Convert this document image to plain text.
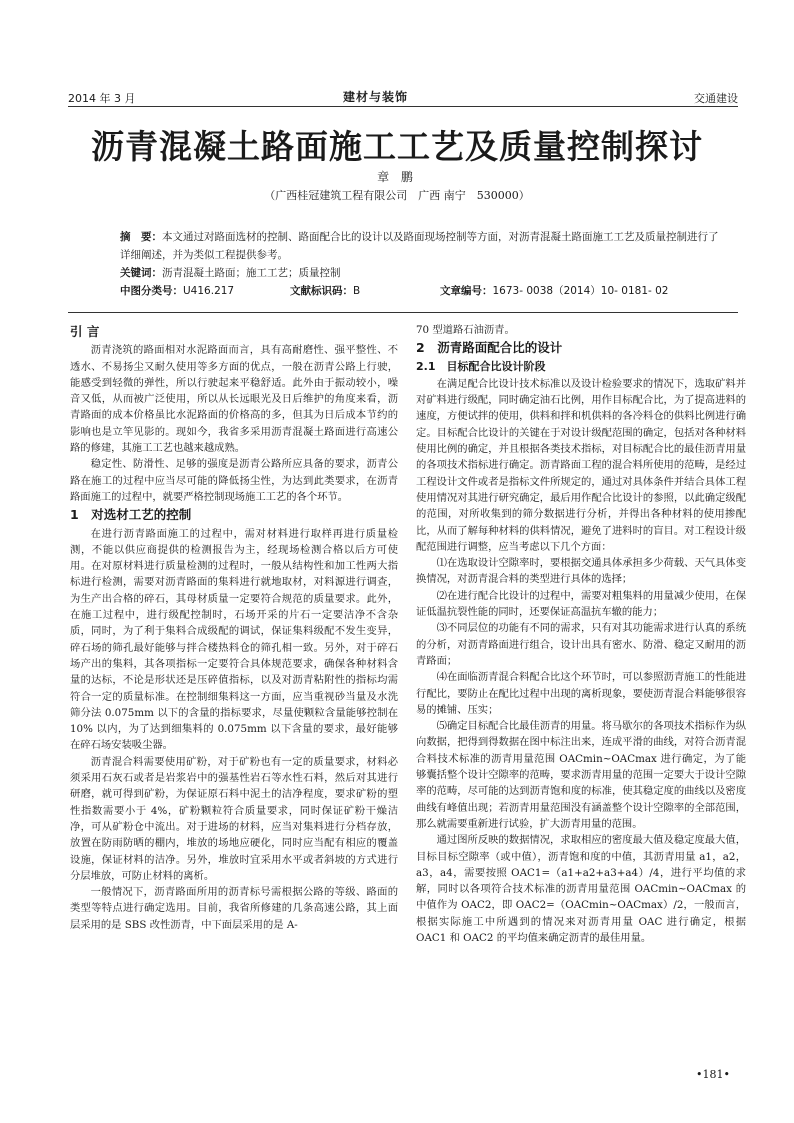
2014 年 3 月	建材与装饰	交通建设
沥青混凝土路面施工工艺及质量控制探讨
章 鹏
（广西桂冠建筑工程有限公司　广西 南宁　530000）
摘　要：本文通过对路面选材的控制、路面配合比的设计以及路面现场控制等方面，对沥青混凝土路面施工工艺及质量控制进行了详细阐述，并为类似工程提供参考。
关键词：沥青混凝土路面；施工工艺；质量控制
中图分类号：U416.217	文献标识码：B	文章编号：1673- 0038（2014）10- 0181- 02
引 言

沥青浇筑的路面相对水泥路面而言，具有高耐磨性、强平整性、不透水、不易扬尘又耐久使用等多方面的优点，一般在沥青公路上行驶，能感受到轻微的弹性，所以行驶起来平稳舒适。此外由于振动较小，噪音又低，从而被广泛使用，所以从长远眼光及日后维护的角度来看，沥青路面的成本价格虽比水泥路面的价格高的多，但其为日后成本节约的影响也是立竿见影的。现如今，我省多采用沥青混凝土路面进行高速公路的修建，其施工工艺也越来越成熟。

稳定性、防滑性、足够的强度是沥青公路所应具备的要求，沥青公路在施工的过程中应当尽可能的降低扬尘性，为达到此类要求，在沥青路面施工的过程中，就要严格控制现场施工工艺的各个环节。

1　对选材工艺的控制

在进行沥青路面施工的过程中，需对材料进行取样再进行质量检测，不能以供应商提供的检测报告为主，经现场检测合格以后方可使用。在对原材料进行质量检测的过程时，一般从结构性和加工性两大指标进行检测，需要对沥青路面的集料进行就地取材，对料源进行调查，为生产出合格的碎石，其母材质量一定要符合规范的质量要求。此外，在施工过程中，进行级配控制时，石场开采的片石一定要洁净不含杂质，同时，为了利于集料合成级配的调试，保证集料级配不发生变异，碎石场的筛孔最好能够与拌合楼热料仓的筛孔相一致。另外，对于碎石场产出的集料，其各项指标一定要符合具体规范要求，确保各种材料含量的达标，不论是形状还是压碎值指标，以及对沥青粘附性的指标均需符合一定的质量标准。在控制细集料这一方面，应当重视砂当量及水洗筛分法 0.075mm 以下的含量的指标要求，尽量使颗粒含量能够控制在 10% 以内，为了达到细集料的 0.075mm 以下含量的要求，最好能够在碎石场安装吸尘器。

沥青混合料需要使用矿粉，对于矿粉也有一定的质量要求，材料必须采用石灰石或者是岩浆岩中的强基性岩石等水性石料，然后对其进行研磨，就可得到矿粉，为保证原石料中泥土的洁净程度，要求矿粉的塑性指数需要小于 4%，矿粉颗粒符合质量要求，同时保证矿粉干燥洁净，可从矿粉仓中流出。对于进场的材料，应当对集料进行分档存放，放置在防雨防晒的棚内，堆放的场地应硬化，同时应当配有相应的覆盖设施，保证材料的洁净。另外，堆放时宜采用水平或者斜坡的方式进行分层堆放，可防止材料的离析。

一般情况下，沥青路面所用的沥青标号需根据公路的等级、路面的类型等特点进行确定选用。目前，我省所修建的几条高速公路，其上面层采用的是 SBS 改性沥青，中下面层采用的是 A-

70 型道路石油沥青。

2　沥青路面配合比的设计
2.1　目标配合比设计阶段

在满足配合比设计技术标准以及设计检验要求的情况下，选取矿料并对矿料进行级配，同时确定油石比例，用作目标配合比，为了提高进料的速度，方便试拌的使用，供料和拌和机供料的各冷料仓的供料比例进行确定。目标配合比设计的关键在于对设计级配范围的确定，包括对各种材料使用比例的确定，并且根据各类技术指标，对目标配合比的最佳沥青用量的各项技术指标进行确定。沥青路面工程的混合料所使用的范畴，是经过工程设计文件或者是指标文件所规定的，通过对具体条件并结合具体工程使用情况对其进行研究确定，最后用作配合比设计的参照，以此确定级配的范围，对所收集到的筛分数据进行分析，并得出各种材料的使用掺配比，从而了解每种材料的供料情况，避免了进料时的盲目。对工程设计级配范围进行调整，应当考虑以下几个方面：

⑴在选取设计空隙率时，要根据交通具体承担多少荷载、天气具体变换情况，对沥青混合料的类型进行具体的选择；

⑵在进行配合比设计的过程中，需要对粗集料的用量减少使用，在保证低温抗裂性能的同时，还要保证高温抗车辙的能力；

⑶不同层位的功能有不同的需求，只有对其功能需求进行认真的系统的分析，对沥青路面进行组合，设计出具有密水、防滑、稳定又耐用的沥青路面；

⑷在面临沥青混合料配合比这个环节时，可以参照沥青施工的性能进行配比，要防止在配比过程中出现的离析现象，要使沥青混合料能够很容易的摊铺、压实；

⑸确定目标配合比最佳沥青的用量。将马歇尔的各项技术指标作为纵向数据，把得到得数据在图中标注出来，连成平滑的曲线，对符合沥青混合料技术标准的沥青用量范围 OACmin~OACmax 进行确定，为了能够囊括整个设计空隙率的范畴，要求沥青用量的范围一定要大于设计空隙率的范畴，尽可能的达到沥青饱和度的标准，使其稳定度的曲线以及密度曲线有峰值出现；若沥青用量范围没有涵盖整个设计空隙率的全部范围，那么就需要重新进行试验，扩大沥青用量的范围。

通过图所反映的数据情况，求取相应的密度最大值及稳定度最大值，目标目标空隙率（或中值），沥青饱和度的中值，其沥青用量 a1，a2，a3，a4，需要按照 OAC1=（a1+a2+a3+a4）/4，进行平均值的求解，同时以各项符合技术标准的沥青用量范围 OACmin~OACmax 的中值作为 OAC2，即 OAC2=（OACmin~OACmax）/2，一般而言，根据实际施工中所遇到的情况来对沥青用量 OAC 进行确定，根据 OAC1 和 OAC2 的平均值来确定沥青的最佳用量。

•181•
